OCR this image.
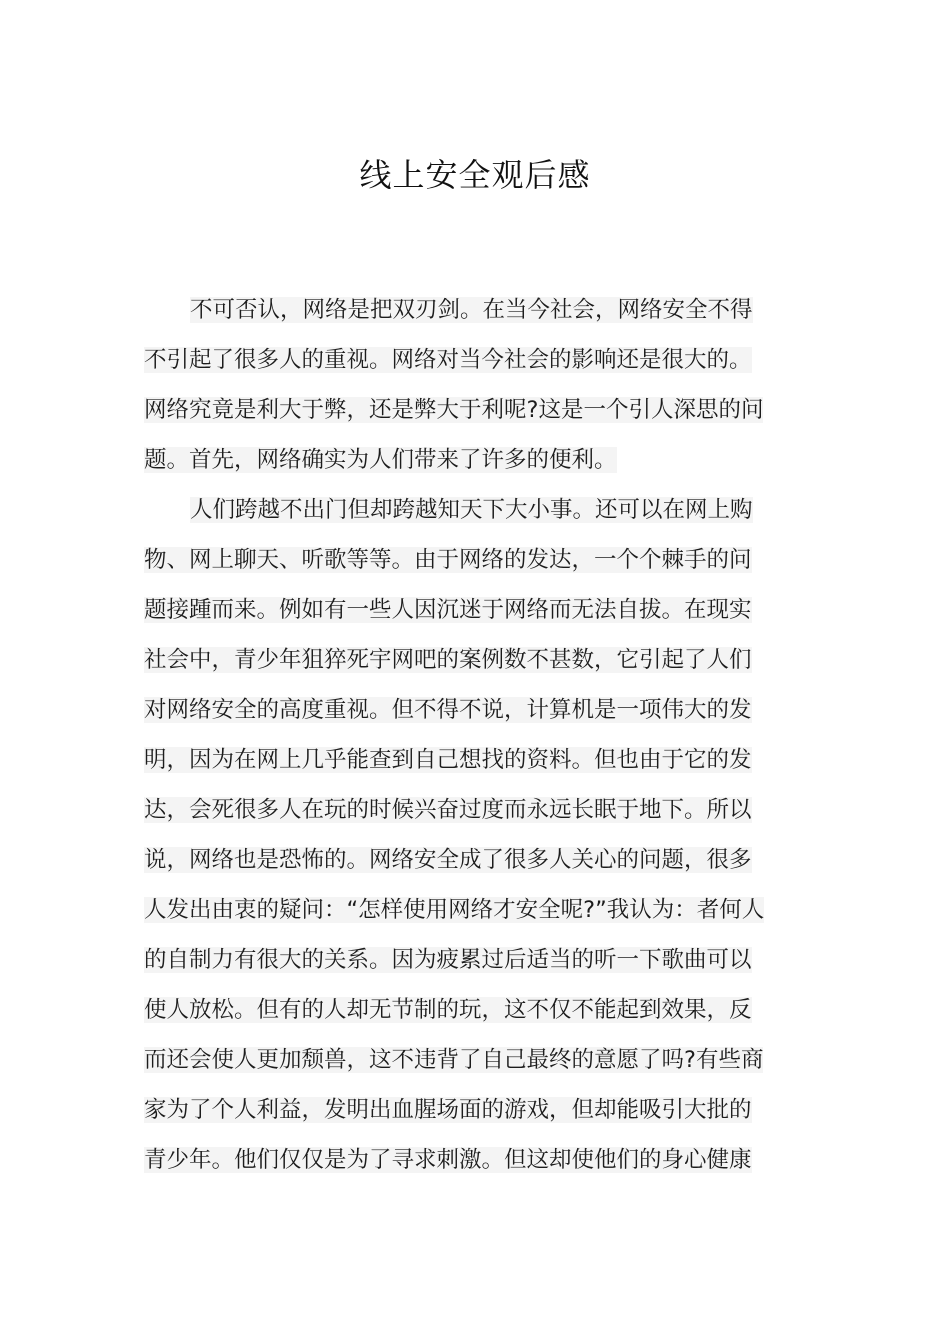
线上安全观后感
不可否认，网络是把双刃剑。在当今社会，网络安全不得
不引起了很多人的重视。网络对当今社会的影响还是很大的。
网络究竟是利大于弊，还是弊大于利呢?这是一个引人深思的问
题。首先，网络确实为人们带来了许多的便利。
人们跨越不出门但却跨越知天下大小事。还可以在网上购
物、网上聊天、听歌等等。由于网络的发达，一个个棘手的问
题接踵而来。例如有一些人因沉迷于网络而无法自拔。在现实
社会中，青少年狙猝死宇网吧的案例数不甚数，它引起了人们
对网络安全的高度重视。但不得不说，计算机是一项伟大的发
明，因为在网上几乎能查到自己想找的资料。但也由于它的发
达，会死很多人在玩的时候兴奋过度而永远长眠于地下。所以
说，网络也是恐怖的。网络安全成了很多人关心的问题，很多
人发出由衷的疑问：“怎样使用网络才安全呢?”我认为：者何人
的自制力有很大的关系。因为疲累过后适当的听一下歌曲可以
使人放松。但有的人却无节制的玩，这不仅不能起到效果，反
而还会使人更加颓兽，这不违背了自己最终的意愿了吗?有些商
家为了个人利益，发明出血腥场面的游戏，但却能吸引大批的
青少年。他们仅仅是为了寻求刺激。但这却使他们的身心健康
